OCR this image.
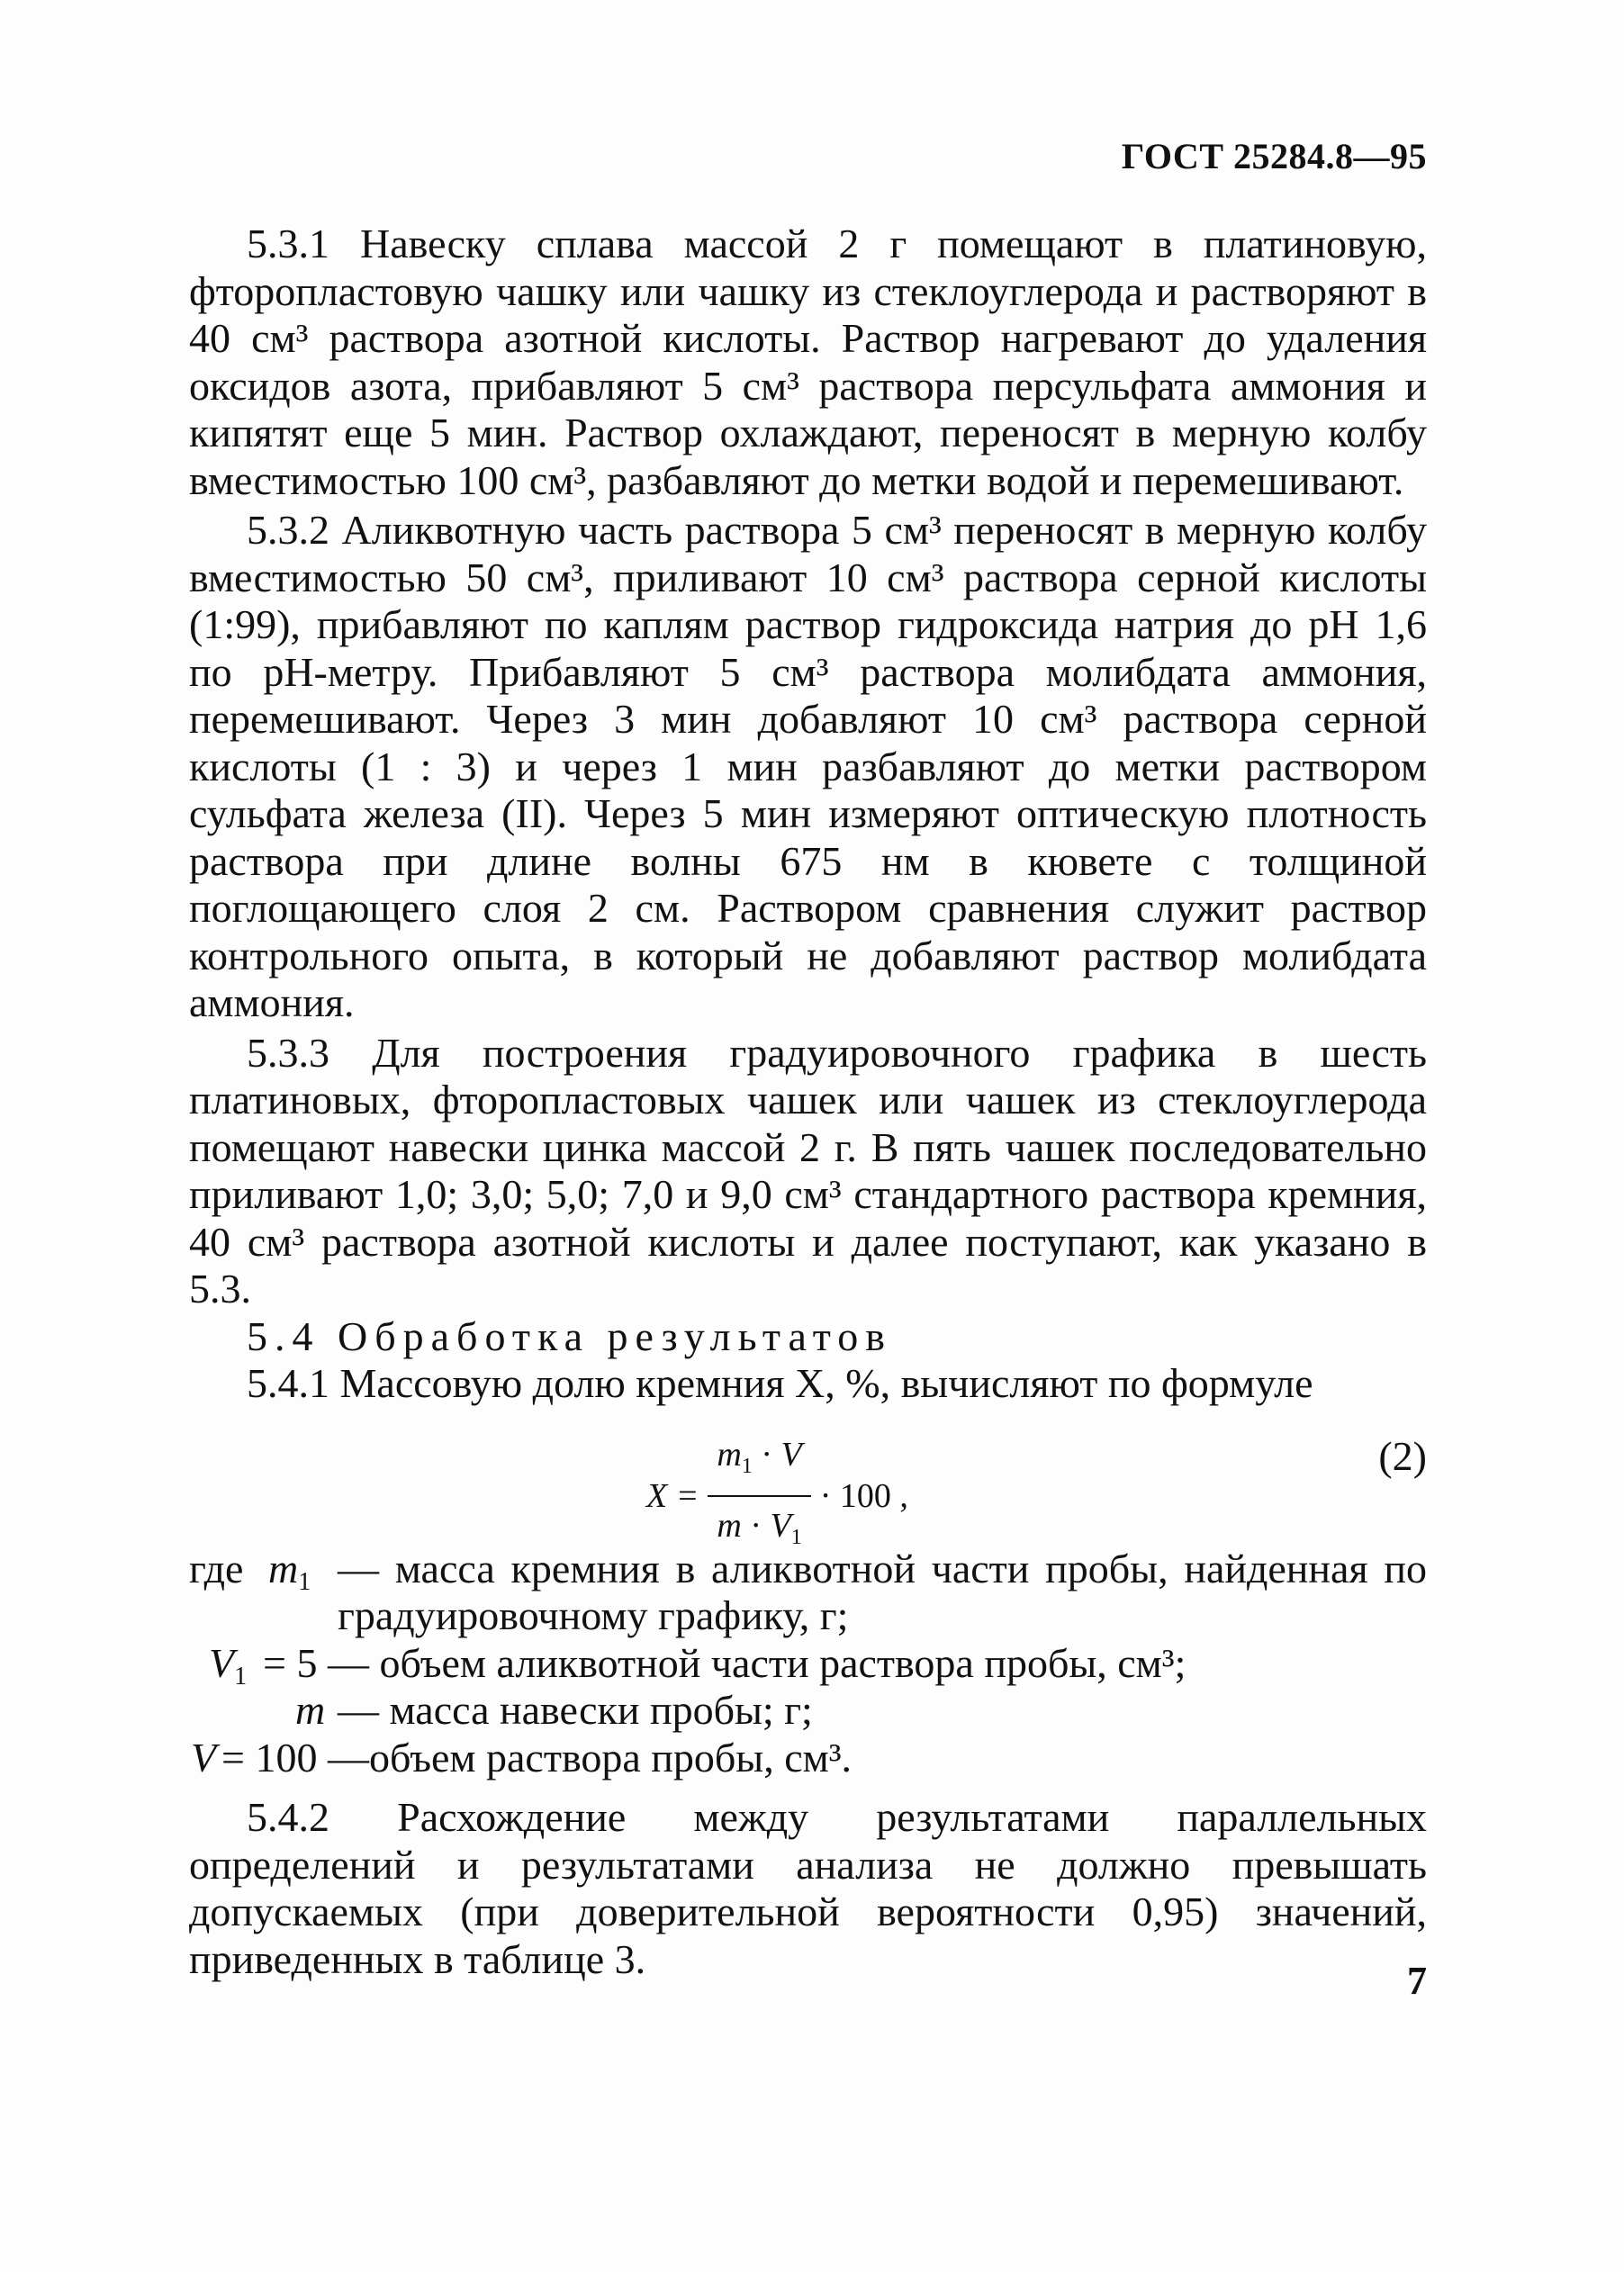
ГОСТ 25284.8—95

5.3.1 Навеску сплава массой 2 г помещают в платиновую, фторопластовую чашку или чашку из стеклоуглерода и растворяют в 40 см³ раствора азотной кислоты. Раствор нагревают до удаления оксидов азота, прибавляют 5 см³ раствора персульфата аммония и кипятят еще 5 мин. Раствор охлаждают, переносят в мерную колбу вместимостью 100 см³, разбавляют до метки водой и перемешивают.

5.3.2 Аликвотную часть раствора 5 см³ переносят в мерную колбу вместимостью 50 см³, приливают 10 см³ раствора серной кислоты (1:99), прибавляют по каплям раствор гидроксида натрия до pH 1,6 по pH-метру. Прибавляют 5 см³ раствора молибдата аммония, перемешивают. Через 3 мин добавляют 10 см³ раствора серной кислоты (1 : 3) и через 1 мин разбавляют до метки раствором сульфата железа (II). Через 5 мин измеряют оптическую плотность раствора при длине волны 675 нм в кювете с толщиной поглощающего слоя 2 см. Раствором сравнения служит раствор контрольного опыта, в который не добавляют раствор молибдата аммония.

5.3.3 Для построения градуировочного графика в шесть платиновых, фторопластовых чашек или чашек из стеклоуглерода помещают навески цинка массой 2 г. В пять чашек последовательно приливают 1,0; 3,0; 5,0; 7,0 и 9,0 см³ стандартного раствора кремния, 40 см³ раствора азотной кислоты и далее поступают, как указано в 5.3.

5.4 Обработка результатов

5.4.1 Массовую долю кремния X, %, вычисляют по формуле

$X = \frac{m_1 \cdot V}{m \cdot V_1} \cdot 100$ ,
(2)
где m1 — масса кремния в аликвотной части пробы, найденная по градуировочному графику, г;
V1 = 5 — объем аликвотной части раствора пробы, см³;
m — масса навески пробы; г;
V = 100 —объем раствора пробы, см³.

5.4.2 Расхождение между результатами параллельных определений и результатами анализа не должно превышать допускаемых (при доверительной вероятности 0,95) значений, приведенных в таблице 3.	7
